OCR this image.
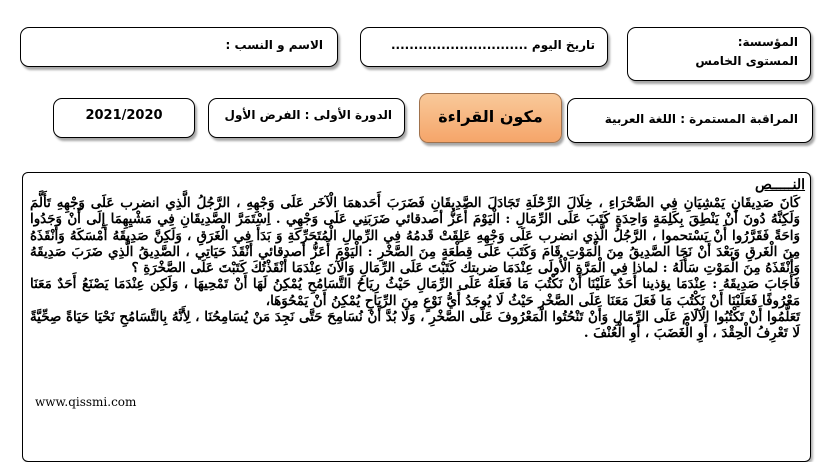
الاسم و النسب :	تاريخ اليوم ..............................	المؤسسة:
المستوى الخامس
2021/2020	الدورة الأولى : الفرض الأول	مكون القراءة	المراقبة المستمرة : اللغة العربية
النـــــص

كَانَ صَدِيقَانِ يَمْشِيَانِ فِي الصَّحْرَاءِ ، خِلَالَ الرِّحْلَةِ تَجَادَلَ الصَّدِيقَانِ فَضَرَبَ أَحَدهمَا الْآخَر عَلَى وَجْهِهِ ، الرَّجُلُ الَّذِي انضرب عَلَى وَجْهِهِ تَأَلَّمَ وَلَكِنَّهُ دُونَ أَنْ يَنْطِقَ بِكَلِمَةٍ وَاحِدَةٍ كَتَبَ عَلَى الرِّمَالِ : الْيَوْمَ أَعَزُّ أصدقائي ضَرَبَنِي عَلَى وَجْهِي . اِسْتَمَرَّ الصَّدِيقَانِ فِي مَشْيِهِمَا إِلَى أَنْ وَجَدُوا وَاحَةً فَقَرَّرُوا أَنْ يَسْتحموا ، الرَّجُلُ الَّذِي انضرب عَلَى وَجْهِهِ عَلِقَتْ قَدمُهُ فِي الرِّمالِ الْمُتَحَرِّكَةِ وَ بَدَأَ فِي الْغَرَقِ ، وَلَكِنَّ صَدِيقَهُ أَمْسَكَهُ وَأَنْقَذَهُ مِنَ الْغَرقِ وَبَعْدَ أَنْ نَجَا الصَّدِيقُ مِنَ الْمَوْتِ قَامَ وَكَتَبَ عَلَى قِطْعَةٍ مِنَ الصَّخْرِ : الْيَوْمَ أَعَزُّ أصدقائي أَنْقَذَ حَيَاتِي ، الصَّدِيقُ الَّذِي ضَرَبَ صَدِيقَهُ وَأَنْقَذَهُ مِنَ الْمَوْتِ سَأَلَهُ : لماذا فِي الْمَرَّةِ الْأُولَى عِنْدَمَا ضربتك كَتَبْتَ عَلَى الرِّمَالِ وَالْآنَ عِنْدَمَا أَنْقَذْتُكَ كَتَبْتَ عَلَى الصَّخْرَةِ ؟

فَأَجَابَ صَدِيقَهُ : عِنْدَمَا يؤذينا أَحَدٌ عَلَيْنَا أَنْ نَكْتُبَ مَا فَعَلَهُ عَلَى الرِّمَالِ حَيْثُ رِيَاحُ التَّسَامُحِ يُمْكِنُ لَهَا أَنْ تَمْحِيهَا ، وَلَكِن عِنْدَمَا يَصْنَعُ أَحَدٌ مَعَنَا مَعْرُوفًا فَعَلَيْنَا أَنْ نَكْتُبَ مَا فَعَلَ مَعَنَا عَلَى الصَّخْرِ حَيْثُ لَا يُوجَدُ أَيُّ نَوْعٍ مِنَ الرِّيَاحِ يُمْكِنُ أَنْ يَمْحُوَهَا،

تَعَلَّمُوا أَنْ تَكْتُبُوا الْآلَامَ عَلَى الرِّمَالِ وَأَنْ تَنْحُتُوا الْمَعْرُوفَ عَلَى الصَّخْرِ ، وَلَا بُدَّ أَنْ نُسَامِحَ حَتَّى نَجِدَ مَنْ يُسَامِحُنَا ، لِأَنَّهُ بِالتَّسَامُحِ نَحْيَا حَيَاةً صِحِّيَّةً لَا تَعْرِفُ الْحِقْدَ ، أَوِ الْغَضَبَ ، أَوِ الْعُنْفَ .

www.qissmi.com
